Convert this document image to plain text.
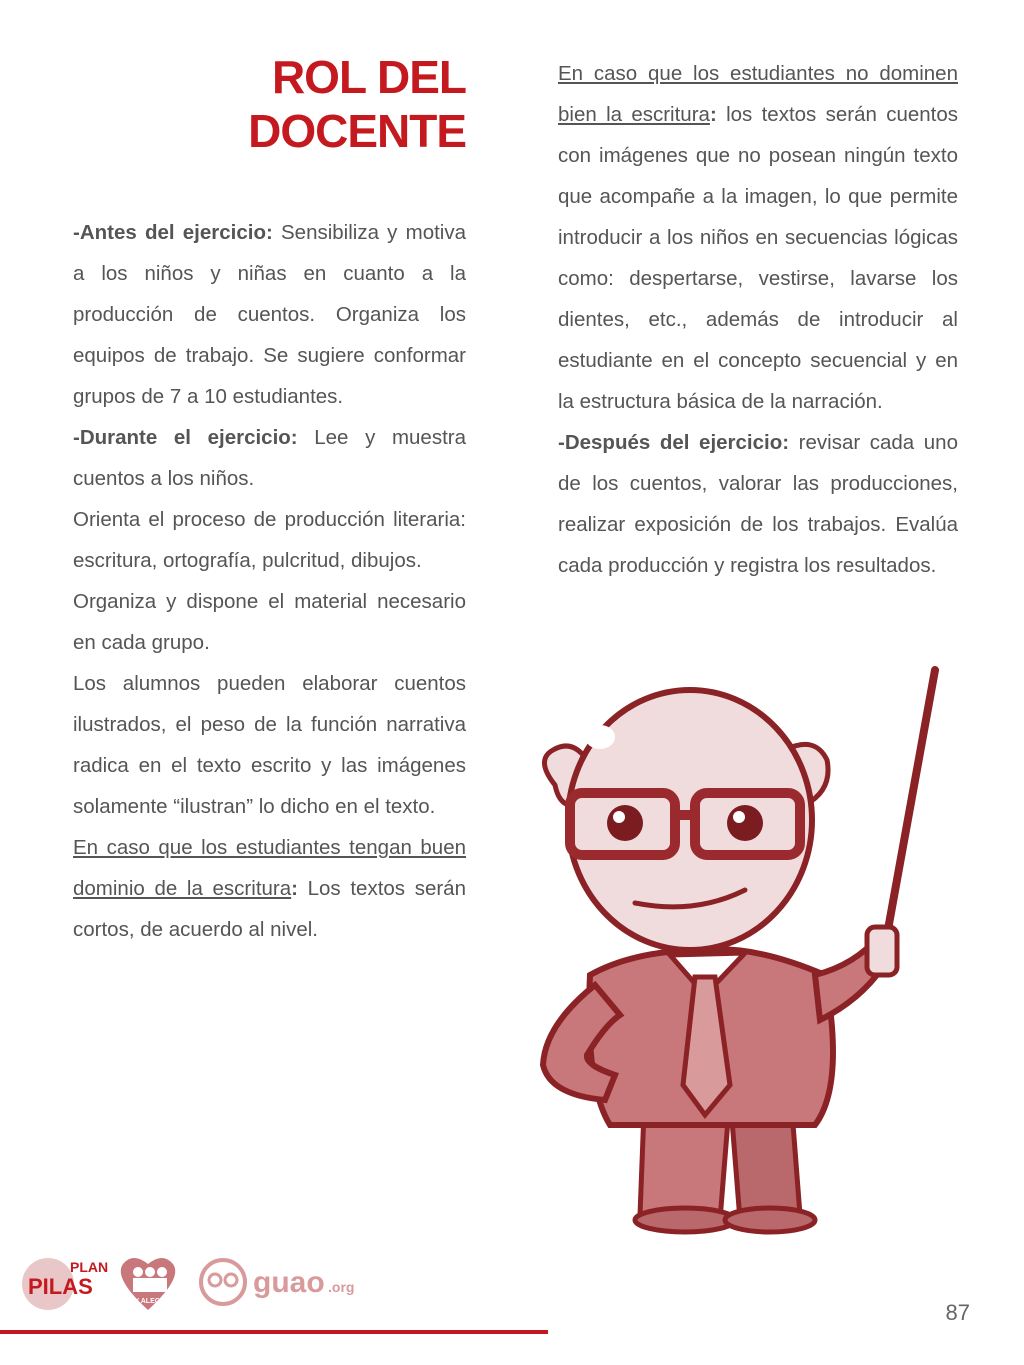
ROL DEL
DOCENTE

-Antes del ejercicio: Sensibiliza y motiva a los niños y niñas en cuanto a la producción de cuentos. Organiza los equipos de trabajo. Se sugiere conformar grupos de 7 a 10 estudiantes.

-Durante el ejercicio: Lee y muestra cuentos a los niños.

Orienta el proceso de producción literaria: escritura, ortografía, pulcritud, dibujos.

Organiza y dispone el material necesario en cada grupo.

Los alumnos pueden elaborar cuentos ilustrados, el peso de la función narrativa radica en el texto escrito y las imágenes solamente “ilustran” lo dicho en el texto.

En caso que los estudiantes tengan buen dominio de la escritura: Los textos serán cortos, de acuerdo al nivel.

En caso que los estudiantes no dominen bien la escritura: los textos serán cuentos con imágenes que no posean ningún texto que acompañe a la imagen, lo que permite introducir a los niños en secuencias lógicas como: despertarse, vestirse, lavarse los dientes, etc., además de introducir al estudiante en el concepto secuencial y en la estructura básica de la narración.

-Después del ejercicio: revisar cada uno de los cuentos, valorar las producciones, realizar exposición de los trabajos. Evalúa cada producción y registra los resultados.

PLAN
PILAS
FE Y ALEGRIA
guao .org
87
